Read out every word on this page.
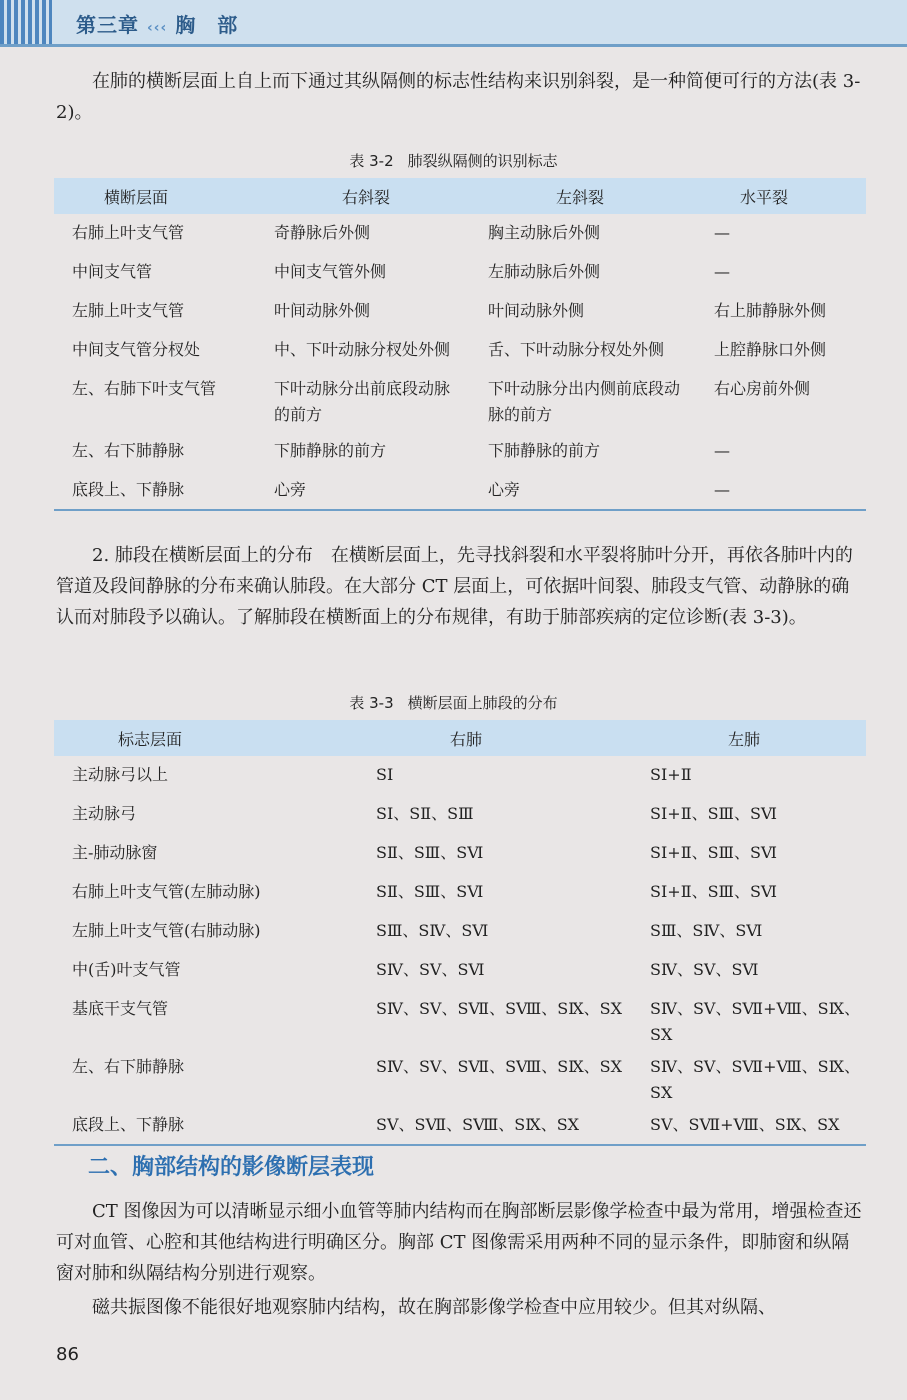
第三章 ‹‹‹ 胸　部

在肺的横断层面上自上而下通过其纵隔侧的标志性结构来识别斜裂，是一种简便可行的方法(表 3-2)。

表 3-2 肺裂纵隔侧的识别标志
横断层面	右斜裂	左斜裂	水平裂
右肺上叶支气管	奇静脉后外侧	胸主动脉后外侧	—
中间支气管	中间支气管外侧	左肺动脉后外侧	—
左肺上叶支气管	叶间动脉外侧	叶间动脉外侧	右上肺静脉外侧
中间支气管分杈处	中、下叶动脉分杈处外侧	舌、下叶动脉分杈处外侧	上腔静脉口外侧
左、右肺下叶支气管	下叶动脉分出前底段动脉的前方	下叶动脉分出内侧前底段动脉的前方	右心房前外侧
左、右下肺静脉	下肺静脉的前方	下肺静脉的前方	—
底段上、下静脉	心旁	心旁	—

2. 肺段在横断层面上的分布　在横断层面上，先寻找斜裂和水平裂将肺叶分开，再依各肺叶内的管道及段间静脉的分布来确认肺段。在大部分 CT 层面上，可依据叶间裂、肺段支气管、动静脉的确认而对肺段予以确认。了解肺段在横断面上的分布规律，有助于肺部疾病的定位诊断(表 3-3)。

表 3-3 横断层面上肺段的分布
标志层面	右肺	左肺
主动脉弓以上	SⅠ	SⅠ+Ⅱ
主动脉弓	SⅠ、SⅡ、SⅢ	SⅠ+Ⅱ、SⅢ、SⅥ
主-肺动脉窗	SⅡ、SⅢ、SⅥ	SⅠ+Ⅱ、SⅢ、SⅥ
右肺上叶支气管(左肺动脉)	SⅡ、SⅢ、SⅥ	SⅠ+Ⅱ、SⅢ、SⅥ
左肺上叶支气管(右肺动脉)	SⅢ、SⅣ、SⅥ	SⅢ、SⅣ、SⅥ
中(舌)叶支气管	SⅣ、SⅤ、SⅥ	SⅣ、SⅤ、SⅥ
基底干支气管	SⅣ、SⅤ、SⅦ、SⅧ、SⅨ、SⅩ	SⅣ、SⅤ、SⅦ+Ⅷ、SⅨ、SⅩ
左、右下肺静脉	SⅣ、SⅤ、SⅦ、SⅧ、SⅨ、SⅩ	SⅣ、SⅤ、SⅦ+Ⅷ、SⅨ、SⅩ
底段上、下静脉	SⅤ、SⅦ、SⅧ、SⅨ、SⅩ	SⅤ、SⅦ+Ⅷ、SⅨ、SⅩ
二、胸部结构的影像断层表现

CT 图像因为可以清晰显示细小血管等肺内结构而在胸部断层影像学检查中最为常用，增强检查还可对血管、心腔和其他结构进行明确区分。胸部 CT 图像需采用两种不同的显示条件，即肺窗和纵隔窗对肺和纵隔结构分别进行观察。

磁共振图像不能很好地观察肺内结构，故在胸部影像学检查中应用较少。但其对纵隔、

86
